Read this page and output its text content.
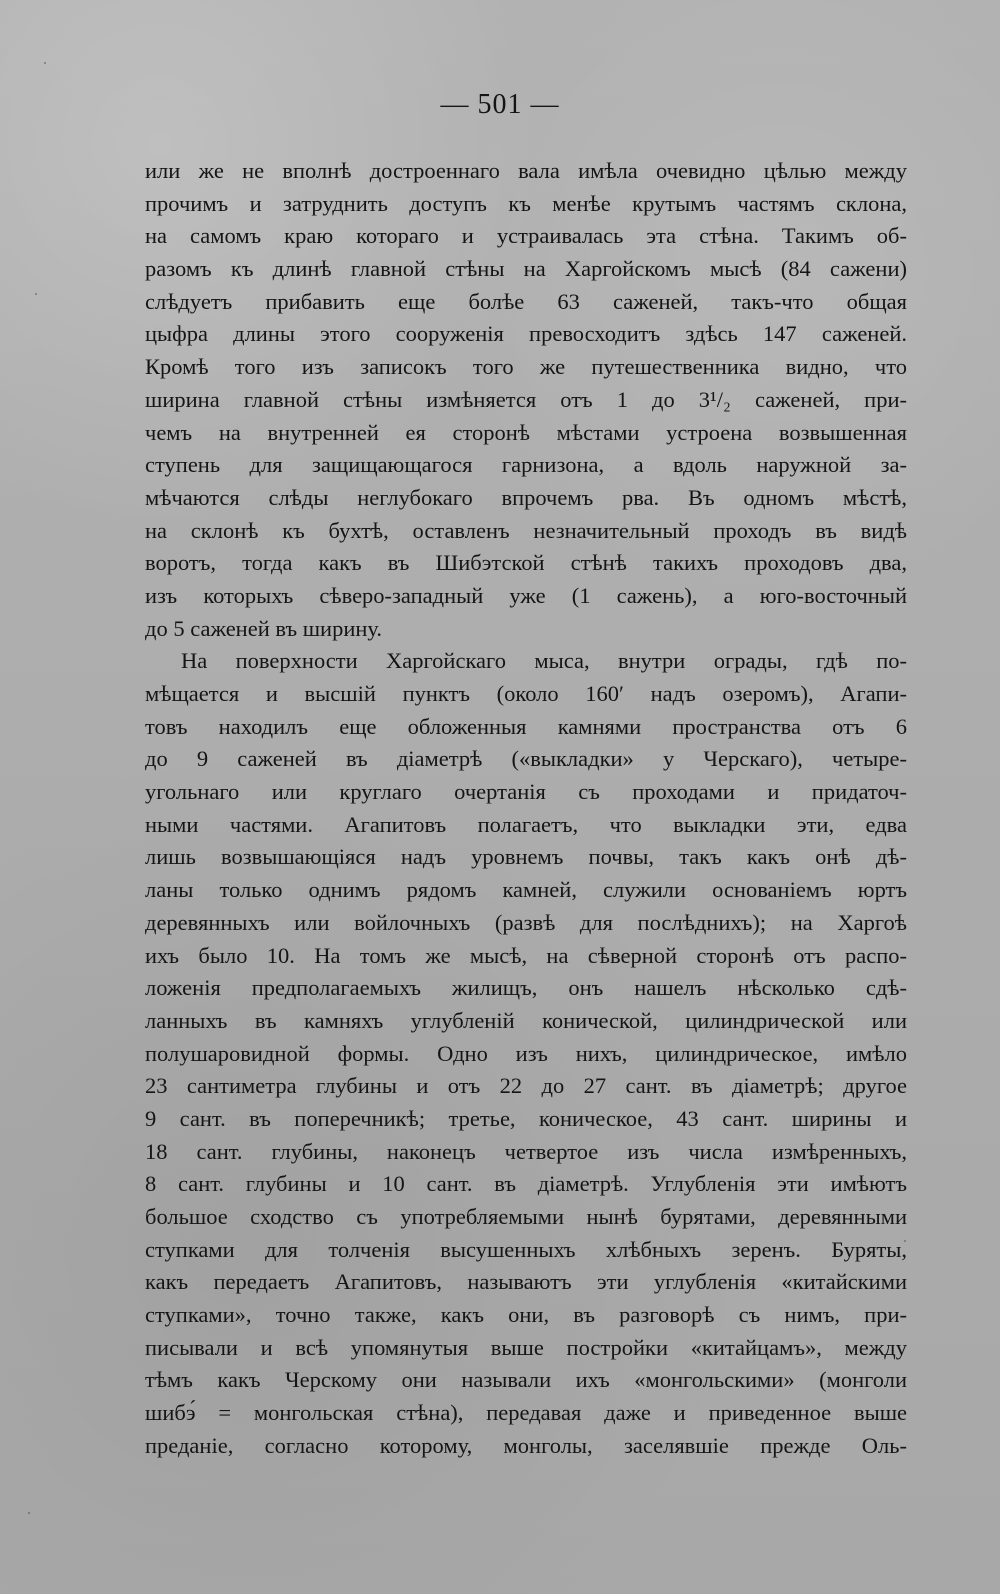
— 501 —
или же не вполнѣ достроеннаго вала имѣла очевидно цѣлью между
прочимъ и затруднить доступъ къ менѣе крутымъ частямъ склона,
на самомъ краю котораго и устраивалась эта стѣна. Такимъ об-
разомъ къ длинѣ главной стѣны на Харгойскомъ мысѣ (84 сажени)
слѣдуетъ прибавить еще болѣе 63 саженей, такъ-что общая
цыфра длины этого сооруженія превосходитъ здѣсь 147 саженей.
Кромѣ того изъ записокъ того же путешественника видно, что
ширина главной стѣны измѣняется отъ 1 до 3¹/₂ саженей, при-
чемъ на внутренней ея сторонѣ мѣстами устроена возвышенная
ступень для защищающагося гарнизона, а вдоль наружной за-
мѣчаются слѣды неглубокаго впрочемъ рва. Въ одномъ мѣстѣ,
на склонѣ къ бухтѣ, оставленъ незначительный проходъ въ видѣ
воротъ, тогда какъ въ Шибэтской стѣнѣ такихъ проходовъ два,
изъ которыхъ сѣверо-западный уже (1 сажень), а юго-восточный
до 5 саженей въ ширину.
На поверхности Харгойскаго мыса, внутри ограды, гдѣ по-
мѣщается и высшій пунктъ (около 160′ надъ озеромъ), Агапи-
товъ находилъ еще обложенныя камнями пространства отъ 6
до 9 саженей въ діаметрѣ («выкладки» у Черскаго), четыре-
угольнаго или круглаго очертанія съ проходами и придаточ-
ными частями. Агапитовъ полагаетъ, что выкладки эти, едва
лишь возвышающіяся надъ уровнемъ почвы, такъ какъ онѣ дѣ-
ланы только однимъ рядомъ камней, служили основаніемъ юртъ
деревянныхъ или войлочныхъ (развѣ для послѣднихъ); на Харгоѣ
ихъ было 10. На томъ же мысѣ, на сѣверной сторонѣ отъ распо-
ложенія предполагаемыхъ жилищъ, онъ нашелъ нѣсколько сдѣ-
ланныхъ въ камняхъ углубленій конической, цилиндрической или
полушаровидной формы. Одно изъ нихъ, цилиндрическое, имѣло
23 сантиметра глубины и отъ 22 до 27 сант. въ діаметрѣ; другое
9 сант. въ поперечникѣ; третье, коническое, 43 сант. ширины и
18 сант. глубины, наконецъ четвертое изъ числа измѣренныхъ,
8 сант. глубины и 10 сант. въ діаметрѣ. Углубленія эти имѣютъ
большое сходство съ употребляемыми нынѣ бурятами, деревянными
ступками для толченія высушенныхъ хлѣбныхъ зеренъ. Буряты,
какъ передаетъ Агапитовъ, называютъ эти углубленія «китайскими
ступками», точно также, какъ они, въ разговорѣ съ нимъ, при-
писывали и всѣ упомянутыя выше постройки «китайцамъ», между
тѣмъ какъ Черскому они называли ихъ «монгольскими» (монголи
шибэ́ = монгольская стѣна), передавая даже и приведенное выше
преданіе, согласно которому, монголы, заселявшіе прежде Оль-
